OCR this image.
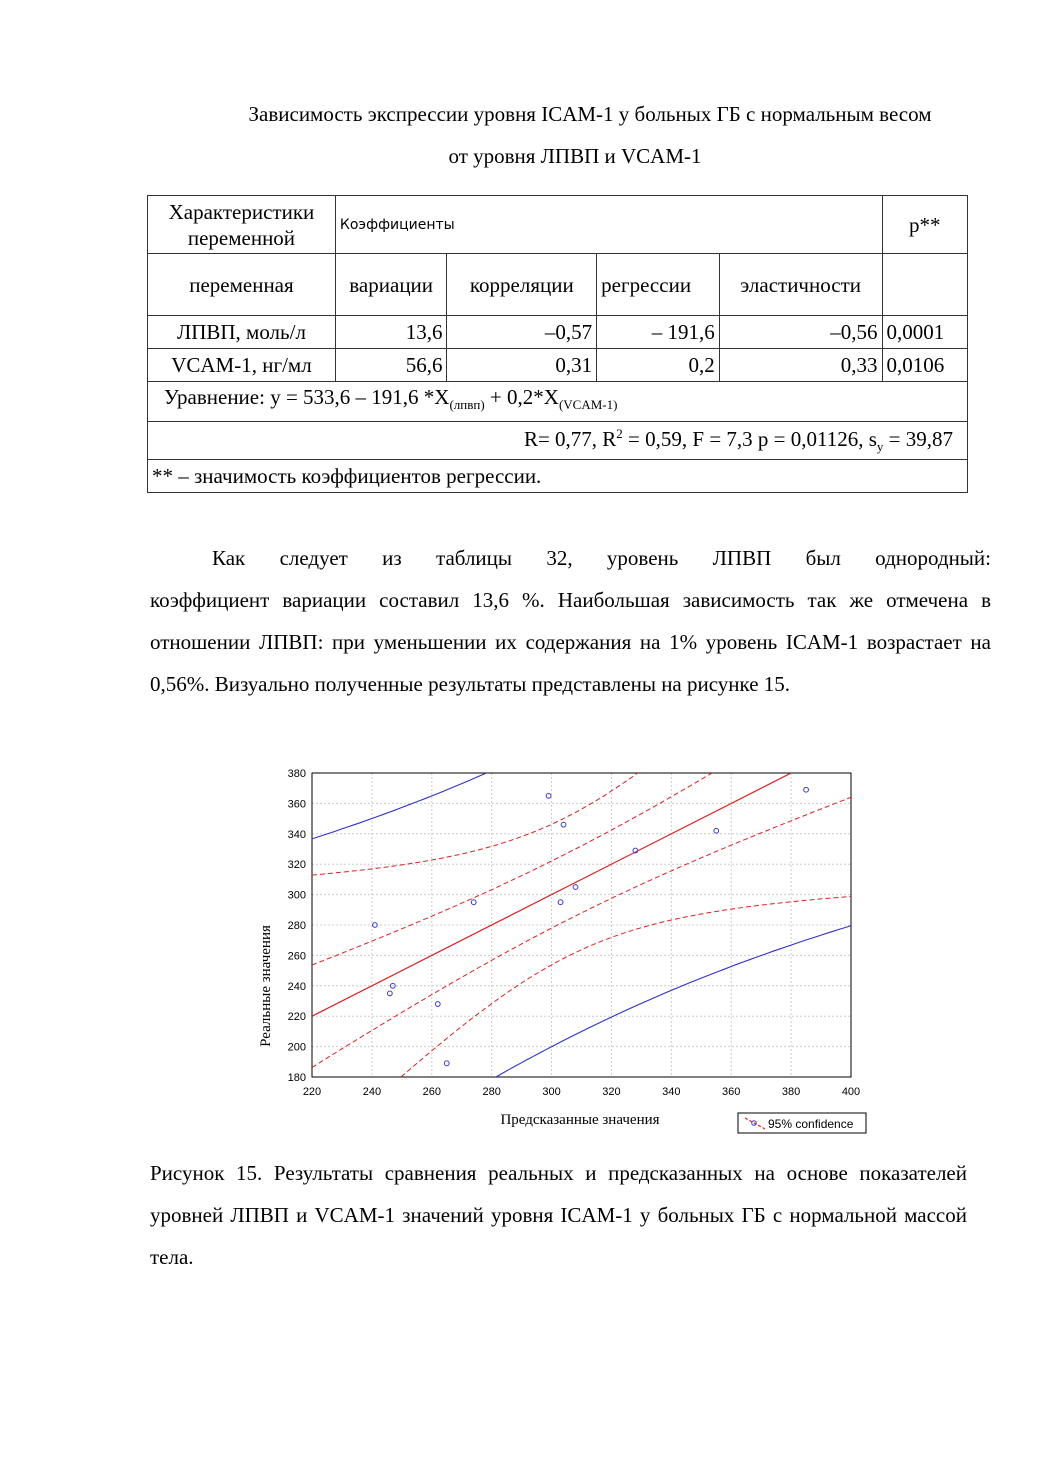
Зависимость экспрессии уровня ICAM-1 у больных ГБ с нормальным весом
от уровня ЛПВП и VCAM-1
Характеристики переменной	Коэффициенты				p**
переменная	вариации	корреляции	регрессии	эластичности	
ЛПВП, моль/л	13,6	–0,57	– 191,6	–0,56	0,0001
VCAM-1, нг/мл	56,6	0,31	0,2	0,33	0,0106
Уравнение: y = 533,6 – 191,6 $*X_{(лпвп)} + 0,2*X_{(VCAM-1)}$
R= 0,77, $R^2 = 0,59$, F = 7,3 p = 0,01126, $s_y = 39,87$					
** – значимость коэффициентов регрессии.					
Как следует из таблицы 32, уровень ЛПВП был однородный:
коэффициент вариации составил 13,6 %. Наибольшая зависимость так же отмечена в отношении ЛПВП: при уменьшении их содержания на 1% уровень ICAM-1 возрастает на 0,56%. Визуально полученные результаты представлены на рисунке 15.
220	240	260	280	300	320	340	360	380	400
180
200
220
240
260
280
300
320
340
360
380
Предсказанные значения
Реальные значения
95% confidence
Рисунок 15. Результаты сравнения реальных и предсказанных на основе показателей уровней ЛПВП и VCAM-1 значений уровня ICAM-1 у больных ГБ с нормальной массой тела.
